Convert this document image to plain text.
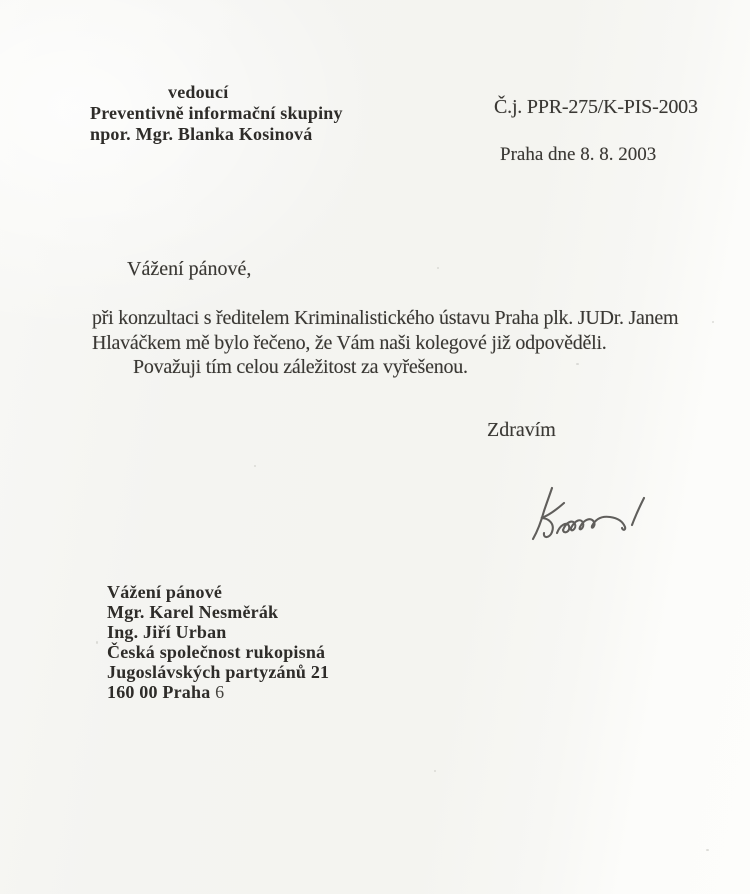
vedoucí
Preventivně informační skupiny
npor. Mgr. Blanka Kosinová
Č.j. PPR-275/K-PIS-2003
Praha dne 8. 8. 2003
Vážení pánové,
při konzultaci s ředitelem Kriminalistického ústavu Praha plk. JUDr. Janem
Hlaváčkem mě bylo řečeno, že Vám naši kolegové již odpověděli.
Považuji tím celou záležitost za vyřešenou.
Zdravím
Vážení pánové
Mgr. Karel Nesměrák
Ing. Jiří Urban
Česká společnost rukopisná
Jugoslávských partyzánů 21
160 00 Praha 6
